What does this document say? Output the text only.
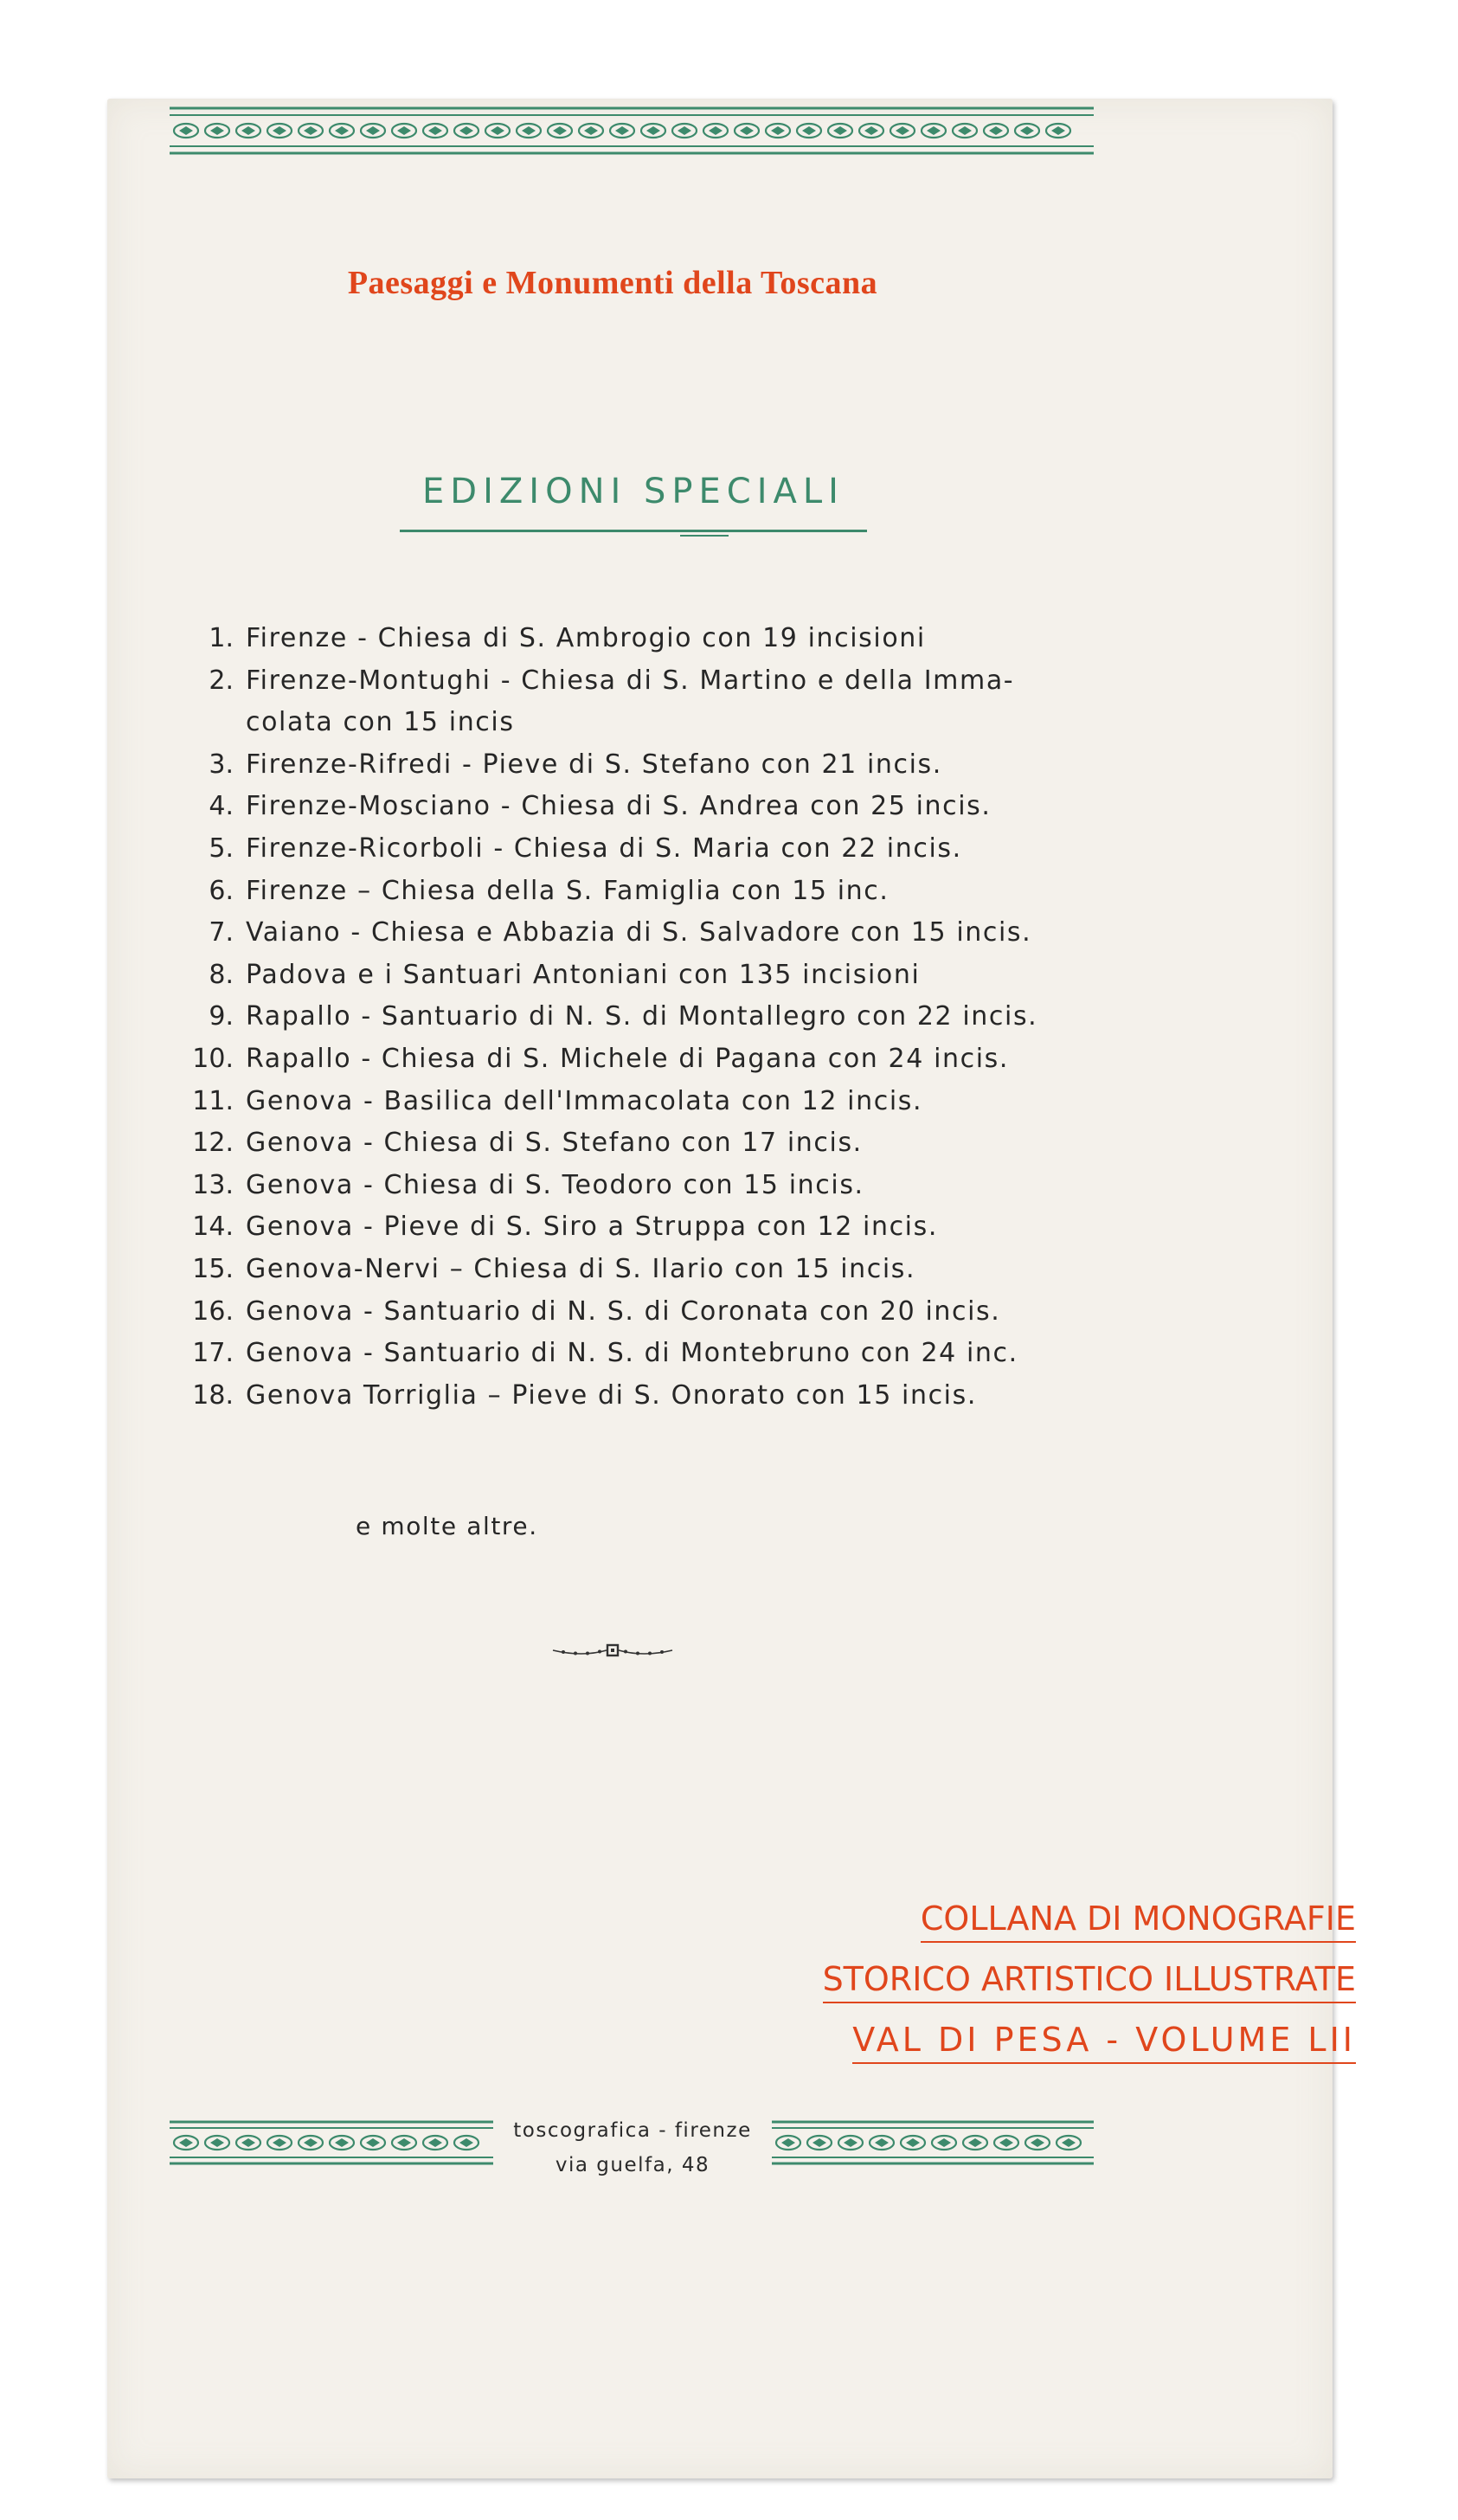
Paesaggi e Monumenti della Toscana
EDIZIONI SPECIALI
1. Firenze - Chiesa di S. Ambrogio con 19 incisioni
2. Firenze-Montughi - Chiesa di S. Martino e della Imma-
colata con 15 incis
3. Firenze-Rifredi - Pieve di S. Stefano con 21 incis.
4. Firenze-Mosciano - Chiesa di S. Andrea con 25 incis.
5. Firenze-Ricorboli - Chiesa di S. Maria con 22 incis.
6. Firenze – Chiesa della S. Famiglia con 15 inc.
7. Vaiano - Chiesa e Abbazia di S. Salvadore con 15 incis.
8. Padova e i Santuari Antoniani con 135 incisioni
9. Rapallo - Santuario di N. S. di Montallegro con 22 incis.
10. Rapallo - Chiesa di S. Michele di Pagana con 24 incis.
11. Genova - Basilica dell'Immacolata con 12 incis.
12. Genova - Chiesa di S. Stefano con 17 incis.
13. Genova - Chiesa di S. Teodoro con 15 incis.
14. Genova - Pieve di S. Siro a Struppa con 12 incis.
15. Genova-Nervi – Chiesa di S. Ilario con 15 incis.
16. Genova - Santuario di N. S. di Coronata con 20 incis.
17. Genova - Santuario di N. S. di Montebruno con 24 inc.
18. Genova Torriglia – Pieve di S. Onorato con 15 incis.
e molte altre.
COLLANA DI MONOGRAFIE
STORICO ARTISTICO ILLUSTRATE
VAL DI PESA - VOLUME LII
toscografica - firenze
via guelfa, 48
